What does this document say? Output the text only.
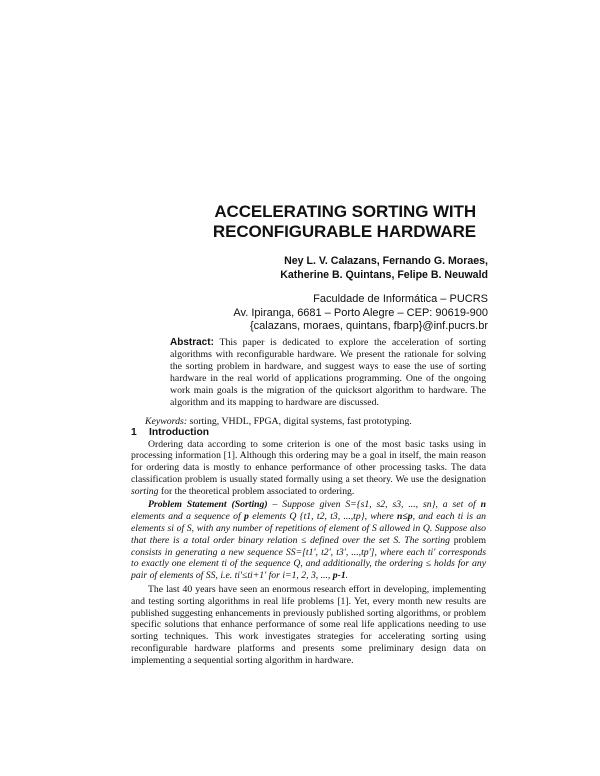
ACCELERATING SORTING WITH
RECONFIGURABLE HARDWARE
Ney L. V. Calazans, Fernando G. Moraes,
Katherine B. Quintans, Felipe B. Neuwald
Faculdade de Informática – PUCRS
Av. Ipiranga, 6681 – Porto Alegre – CEP: 90619-900
{calazans, moraes, quintans, fbarp}@inf.pucrs.br
Abstract: This paper is dedicated to explore the acceleration of sorting algorithms with reconfigurable hardware. We present the rationale for solving the sorting problem in hardware, and suggest ways to ease the use of sorting hardware in the real world of applications programming. One of the ongoing work main goals is the migration of the quicksort algorithm to hardware. The algorithm and its mapping to hardware are discussed.
Keywords: sorting, VHDL, FPGA, digital systems, fast prototyping.
1 Introduction

Ordering data according to some criterion is one of the most basic tasks using in processing information [1]. Although this ordering may be a goal in itself, the main reason for ordering data is mostly to enhance performance of other processing tasks. The data classification problem is usually stated formally using a set theory. We use the designation sorting for the theoretical problem associated to ordering.

Problem Statement (Sorting) – Suppose given S={s1, s2, s3, ..., sn}, a set of n elements and a sequence of p elements Q {t1, t2, t3, ...,tp}, where n≤p, and each ti is an elements si of S, with any number of repetitions of element of S allowed in Q. Suppose also that there is a total order binary relation ≤ defined over the set S. The sorting problem consists in generating a new sequence SS=[t1', t2', t3', ...,tp'], where each ti' corresponds to exactly one element ti of the sequence Q, and additionally, the ordering ≤ holds for any pair of elements of SS, i.e. ti'≤ti+1' for i=1, 2, 3, ..., p-1.

The last 40 years have seen an enormous research effort in developing, implementing and testing sorting algorithms in real life problems [1]. Yet, every month new results are published suggesting enhancements in previously published sorting algorithms, or problem specific solutions that enhance performance of some real life applications needing to use sorting techniques. This work investigates strategies for accelerating sorting using reconfigurable hardware platforms and presents some preliminary design data on implementing a sequential sorting algorithm in hardware.
